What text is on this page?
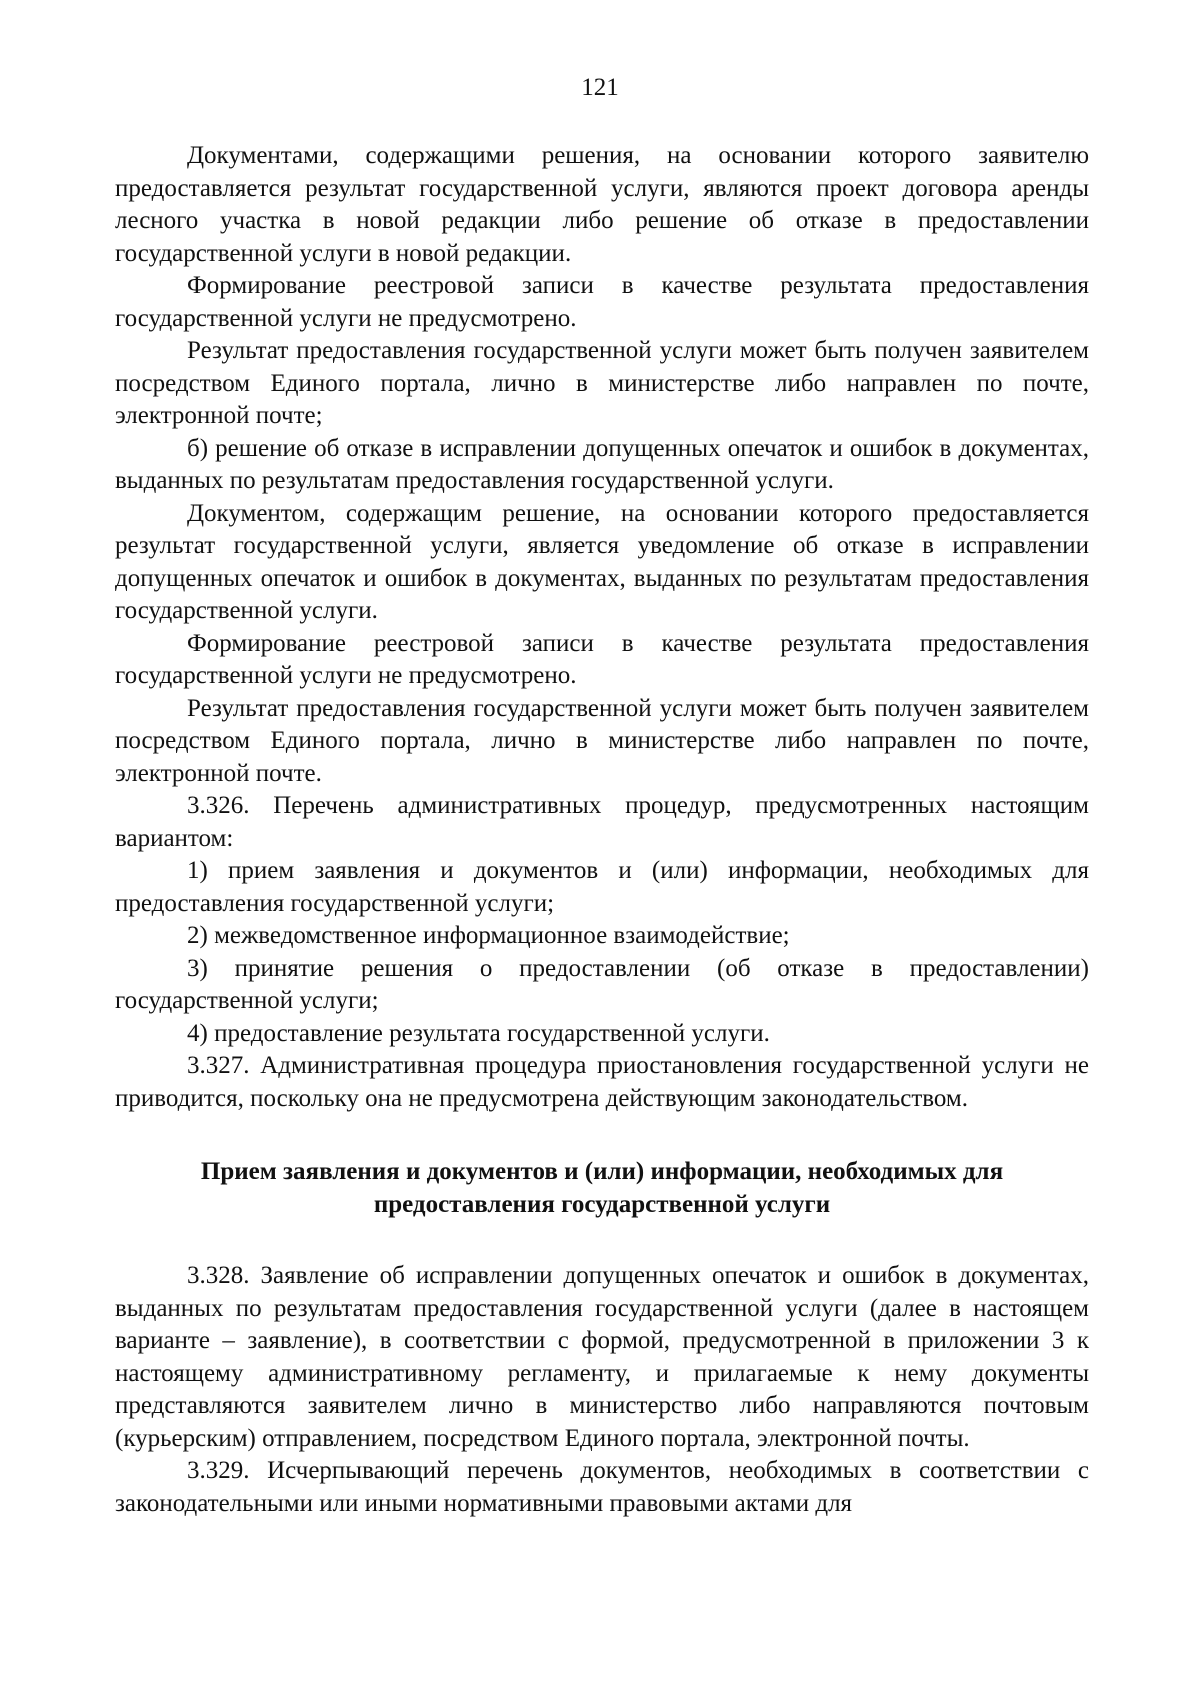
121

Документами, содержащими решения, на основании которого заявителю предоставляется результат государственной услуги, являются проект договора аренды лесного участка в новой редакции либо решение об отказе в предоставлении государственной услуги в новой редакции.

Формирование реестровой записи в качестве результата предоставления государственной услуги не предусмотрено.

Результат предоставления государственной услуги может быть получен заявителем посредством Единого портала, лично в министерстве либо направлен по почте, электронной почте;

б) решение об отказе в исправлении допущенных опечаток и ошибок в документах, выданных по результатам предоставления государственной услуги.

Документом, содержащим решение, на основании которого предоставляется результат государственной услуги, является уведомление об отказе в исправлении допущенных опечаток и ошибок в документах, выданных по результатам предоставления государственной услуги.

Формирование реестровой записи в качестве результата предоставления государственной услуги не предусмотрено.

Результат предоставления государственной услуги может быть получен заявителем посредством Единого портала, лично в министерстве либо направлен по почте, электронной почте.

3.326. Перечень административных процедур, предусмотренных настоящим вариантом:

1) прием заявления и документов и (или) информации, необходимых для предоставления государственной услуги;

2) межведомственное информационное взаимодействие;

3) принятие решения о предоставлении (об отказе в предоставлении) государственной услуги;

4) предоставление результата государственной услуги.

3.327. Административная процедура приостановления государственной услуги не приводится, поскольку она не предусмотрена действующим законодательством.

Прием заявления и документов и (или) информации, необходимых для
предоставления государственной услуги

3.328. Заявление об исправлении допущенных опечаток и ошибок в документах, выданных по результатам предоставления государственной услуги (далее в настоящем варианте – заявление), в соответствии с формой, предусмотренной в приложении 3 к настоящему административному регламенту, и прилагаемые к нему документы представляются заявителем лично в министерство либо направляются почтовым (курьерским) отправлением, посредством Единого портала, электронной почты.

3.329. Исчерпывающий перечень документов, необходимых в соответствии с законодательными или иными нормативными правовыми актами для
